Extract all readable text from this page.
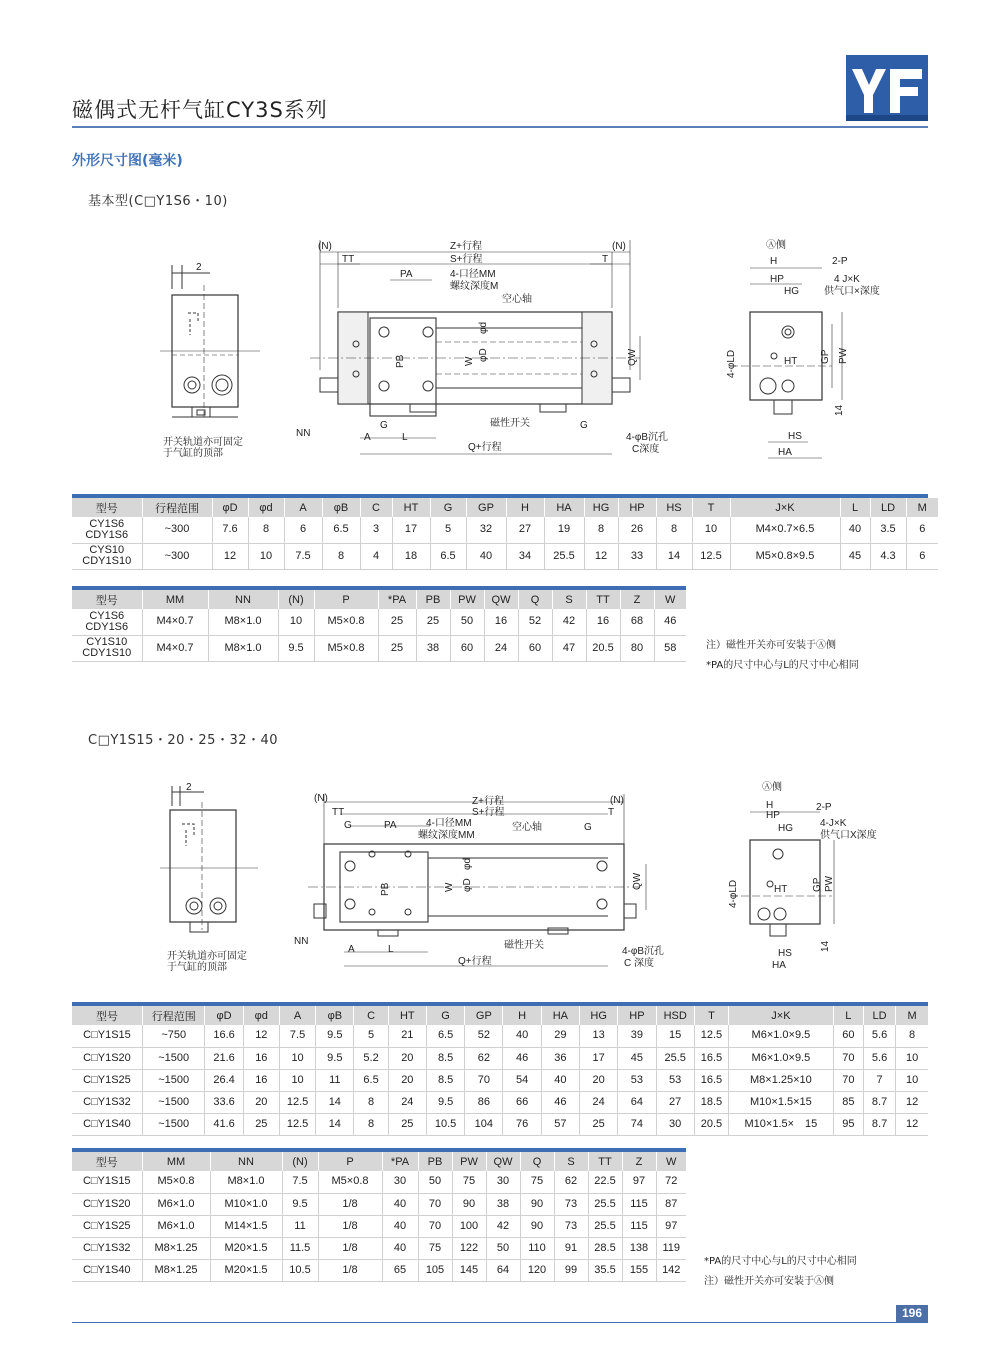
磁偶式无杆气缸CY3S系列
外形尺寸图(毫米)
基本型(C□Y1S6・10)
2
开关轨道亦可固定
于气缸的顶部
(N)	Z+行程	(N)
TT	S+行程	T
PA	4-口径MM
螺纹深度M
空心轴
QW
PB	W
φd
φD
NN	A	L
G	磁性开关	G
Q+行程
4-φB沉孔
C深度
Ⓐ侧
H
HP
HG
2-P
4 J×K
供气口×深度
4-φLD	HT GP PW
14
HS
HA
型号	行程范围	φD	φd	A	φB	C	HT	G	GP	H	HA	HG	HP	HS	T	J×K	L	LD	M
CY1S6
CDY1S6	~300	7.6	8	6	6.5	3	17	5	32	27	19	8	26	8	10	M4×0.7×6.5	40	3.5	6
CYS10
CDY1S10	~300	12	10	7.5	8	4	18	6.5	40	34	25.5	12	33	14	12.5	M5×0.8×9.5	45	4.3	6
型号	MM	NN	(N)	P	*PA	PB	PW	QW	Q	S	TT	Z	W
CY1S6
CDY1S6	M4×0.7	M8×1.0	10	M5×0.8	25	25	50	16	52	42	16	68	46
CY1S10
CDY1S10	M4×0.7	M8×1.0	9.5	M5×0.8	25	38	60	24	60	47	20.5	80	58	注）磁性开关亦可安装于Ⓐ侧
*PA的尺寸中心与L的尺寸中心相同
C□Y1S15・20・25・32・40
2
开关轨道亦可固定
于气缸的顶部
(N)	Z+行程	(N)
TT	S+行程	T
G	PA	4-口径MM
螺纹深度MM
空心轴	G
QW
PB	W
φd
φD
NN
A	L	磁性开关
4-φB沉孔
C 深度
Q+行程
Ⓐ侧
H
HP
HG
2-P
4-J×K
供气口X深度
4-φLD	HT GP PW
14
HS
HA
型号	行程范围	φD	φd	A	φB	C	HT	G	GP	H	HA	HG	HP	HSD	T	J×K	L	LD	M
C□Y1S15	~750	16.6	12	7.5	9.5	5	21	6.5	52	40	29	13	39	15	12.5	M6×1.0×9.5	60	5.6	8
C□Y1S20	~1500	21.6	16	10	9.5	5.2	20	8.5	62	46	36	17	45	25.5	16.5	M6×1.0×9.5	70	5.6	10
C□Y1S25	~1500	26.4	16	10	11	6.5	20	8.5	70	54	40	20	53	53	16.5	M8×1.25×10	70	7	10
C□Y1S32	~1500	33.6	20	12.5	14	8	24	9.5	86	66	46	24	64	27	18.5	M10×1.5×15	85	8.7	12
C□Y1S40	~1500	41.6	25	12.5	14	8	25	10.5	104	76	57	25	74	30	20.5	M10×1.5×　15	95	8.7	12
型号	MM	NN	(N)	P	*PA	PB	PW	QW	Q	S	TT	Z	W
C□Y1S15	M5×0.8	M8×1.0	7.5	M5×0.8	30	50	75	30	75	62	22.5	97	72
C□Y1S20	M6×1.0	M10×1.0	9.5	1/8	40	70	90	38	90	73	25.5	115	87
C□Y1S25	M6×1.0	M14×1.5	11	1/8	40	70	100	42	90	73	25.5	115	97
C□Y1S32	M8×1.25	M20×1.5	11.5	1/8	40	75	122	50	110	91	28.5	138	119
C□Y1S40	M8×1.25	M20×1.5	10.5	1/8	65	105	145	64	120	99	35.5	155	142
*PA的尺寸中心与L的尺寸中心相同
注）磁性开关亦可安装于Ⓐ侧
196
